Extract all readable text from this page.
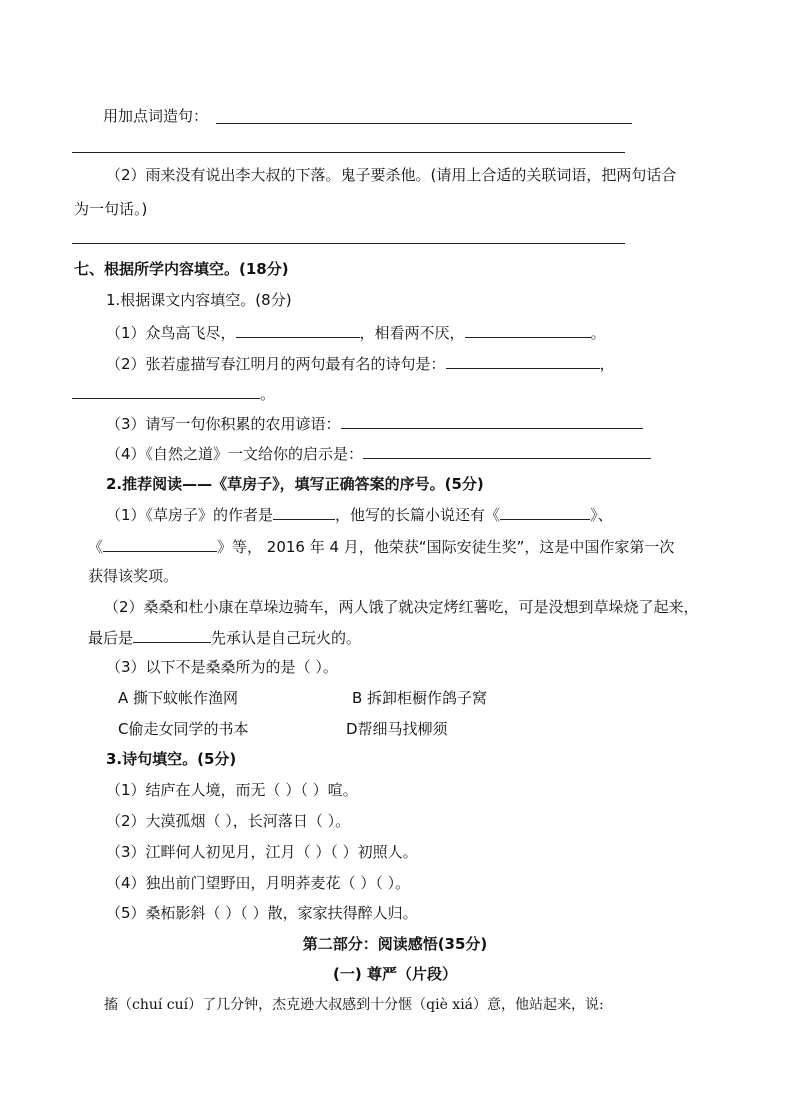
用加点词造句：
（2）雨来没有说出李大叔的下落。鬼子要杀他。(请用上合适的关联词语，把两句话合
为一句话。)
七、根据所学内容填空。(18分)
1.根据课文内容填空。(8分)
（1）众鸟高飞尽，	，相看两不厌，	。
（2）张若虚描写春江明月的两句最有名的诗句是：	，
。
（3）请写一句你积累的农用谚语：
（4）《自然之道》一文给你的启示是：
2.推荐阅读——《草房子》，填写正确答案的序号。(5分)
（1）《草房子》的作者是	，他写的长篇小说还有《	》、
《	》等， 2016 年 4 月，他荣获“国际安徒生奖”，这是中国作家第一次
获得该奖项。
（2）桑桑和杜小康在草垛边骑车，两人饿了就决定烤红薯吃，可是没想到草垛烧了起来，
最后是	先承认是自己玩火的。
（3）以下不是桑桑所为的是（ ）。
A 撕下蚊帐作渔网	B 拆卸柜橱作鸽子窝
C偷走女同学的书本	D帮细马找柳须
3.诗句填空。(5分)
（1）结庐在人境，而无（ ）（ ）喧。
（2）大漠孤烟（ ），长河落日（ ）。
（3）江畔何人初见月，江月（ ）（ ）初照人。
（4）独出前门望野田，月明荞麦花（ ）（ ）。
（5）桑柘影斜（ ）（ ）散，家家扶得醉人归。
第二部分：阅读感悟(35分)
(一) 尊严（片段）
搐（chuí cuí）了几分钟，杰克逊大叔感到十分惬（qiè xiá）意，他站起来，说:
